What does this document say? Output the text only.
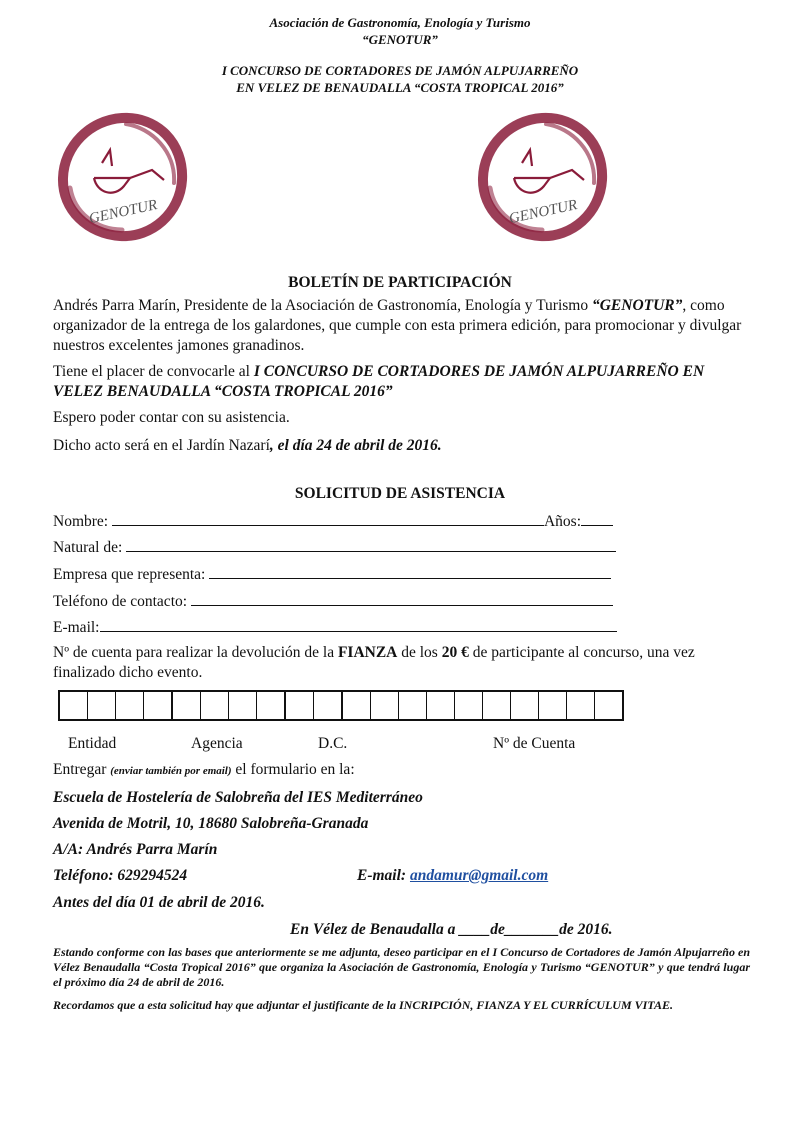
Asociación de Gastronomía, Enología y Turismo
“GENOTUR”
I CONCURSO DE CORTADORES DE JAMÓN ALPUJARREÑO
EN VELEZ DE BENAUDALLA “COSTA TROPICAL 2016”
GENOTUR	GENOTUR
BOLETÍN DE PARTICIPACIÓN
Andrés Parra Marín, Presidente de la Asociación de Gastronomía, Enología y Turismo “GENOTUR”, como organizador de la entrega de los galardones, que cumple con esta primera edición, para promocionar y divulgar nuestros excelentes jamones granadinos.
Tiene el placer de convocarle al I CONCURSO DE CORTADORES DE JAMÓN ALPUJARREÑO EN VELEZ BENAUDALLA “COSTA TROPICAL 2016”
Espero poder contar con su asistencia.
Dicho acto será en el Jardín Nazarí, el día 24 de abril de 2016.
SOLICITUD DE ASISTENCIA
Nombre:	Años:
Natural de:
Empresa que representa:
Teléfono de contacto:
E-mail:
Nº de cuenta para realizar la devolución de la FIANZA de los 20 € de participante al concurso, una vez finalizado dicho evento.
Entidad	Agencia	D.C.	Nº de Cuenta
Entregar (enviar también por email) el formulario en la:
Escuela de Hostelería de Salobreña del IES Mediterráneo
Avenida de Motril, 10, 18680 Salobreña-Granada
A/A: Andrés Parra Marín
Teléfono: 629294524	E-mail: andamur@gmail.com
Antes del día 01 de abril de 2016.
En Vélez de Benaudalla a ____de_______de 2016.
Estando conforme con las bases que anteriormente se me adjunta, deseo participar en el I Concurso de Cortadores de Jamón Alpujarreño en Vélez Benaudalla “Costa Tropical 2016” que organiza la Asociación de Gastronomía, Enología y Turismo “GENOTUR” y que tendrá lugar el próximo día 24 de abril de 2016.
Recordamos que a esta solicitud hay que adjuntar el justificante de la INCRIPCIÓN, FIANZA Y EL CURRÍCULUM VITAE.
